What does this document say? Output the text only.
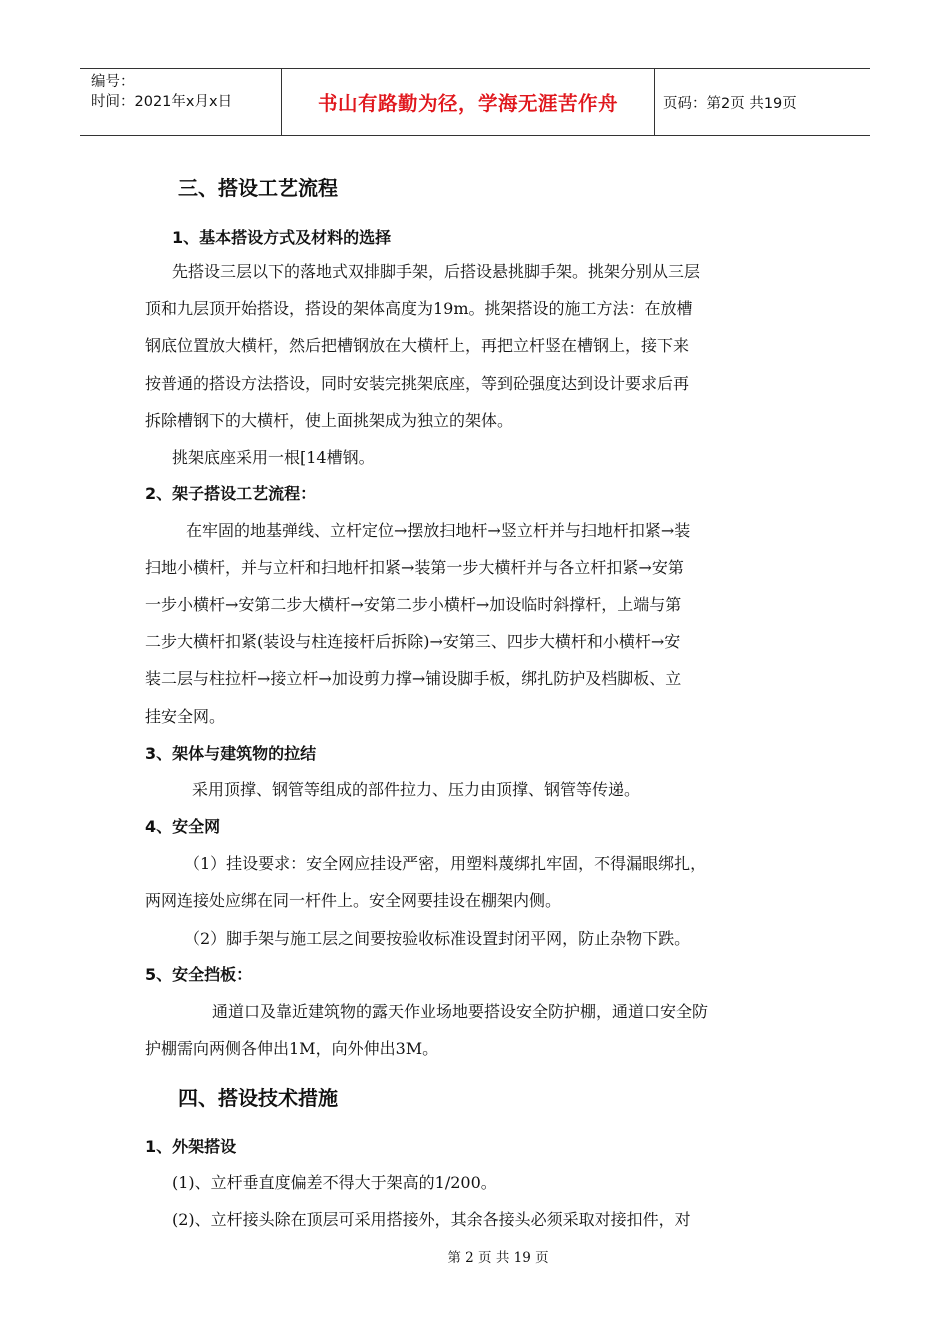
编号：
时间：2021年x月x日	书山有路勤为径，学海无涯苦作舟	页码：第2页 共19页
三、搭设工艺流程
1、基本搭设方式及材料的选择
先搭设三层以下的落地式双排脚手架，后搭设悬挑脚手架。挑架分别从三层
顶和九层顶开始搭设，搭设的架体高度为19m。挑架搭设的施工方法：在放槽
钢底位置放大横杆，然后把槽钢放在大横杆上，再把立杆竖在槽钢上，接下来
按普通的搭设方法搭设，同时安装完挑架底座，等到砼强度达到设计要求后再
拆除槽钢下的大横杆，使上面挑架成为独立的架体。
挑架底座采用一根[14槽钢。
2、架子搭设工艺流程：
在牢固的地基弹线、立杆定位→摆放扫地杆→竖立杆并与扫地杆扣紧→装
扫地小横杆，并与立杆和扫地杆扣紧→装第一步大横杆并与各立杆扣紧→安第
一步小横杆→安第二步大横杆→安第二步小横杆→加设临时斜撑杆，上端与第
二步大横杆扣紧(装设与柱连接杆后拆除)→安第三、四步大横杆和小横杆→安
装二层与柱拉杆→接立杆→加设剪力撑→铺设脚手板，绑扎防护及档脚板、立
挂安全网。
3、架体与建筑物的拉结
采用顶撑、钢管等组成的部件拉力、压力由顶撑、钢管等传递。
4、安全网
（1）挂设要求：安全网应挂设严密，用塑料蔑绑扎牢固，不得漏眼绑扎，
两网连接处应绑在同一杆件上。安全网要挂设在棚架内侧。
（2）脚手架与施工层之间要按验收标准设置封闭平网，防止杂物下跌。
5、安全挡板：
通道口及靠近建筑物的露天作业场地要搭设安全防护棚，通道口安全防
护棚需向两侧各伸出1M，向外伸出3M。
四、搭设技术措施
1、外架搭设
(1)、立杆垂直度偏差不得大于架高的1/200。
(2)、立杆接头除在顶层可采用搭接外，其余各接头必须采取对接扣件，对
第 2 页 共 19 页
